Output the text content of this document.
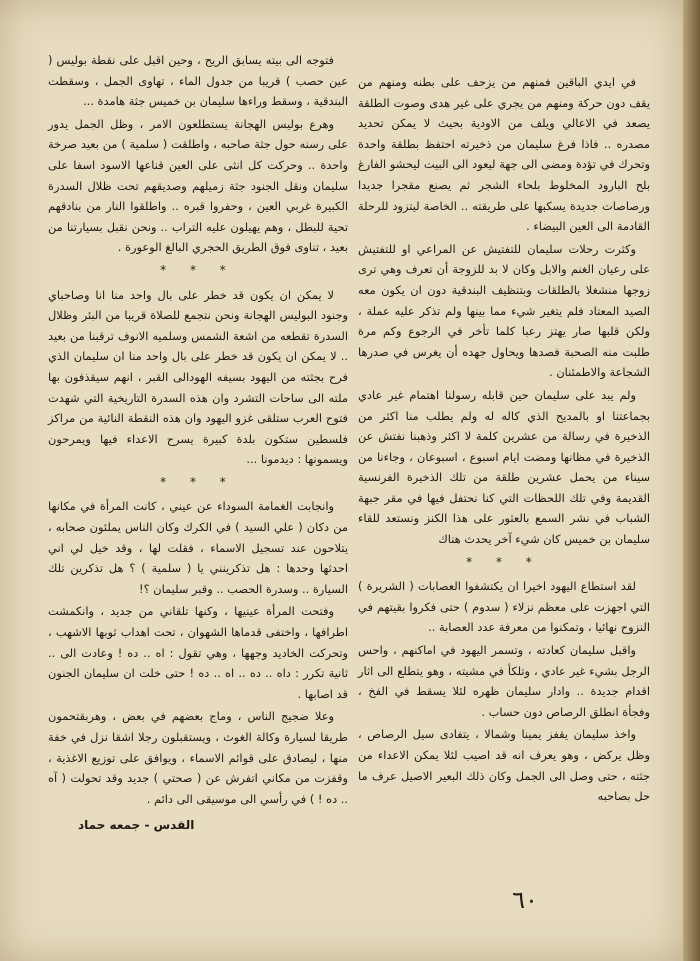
في ايدي الباقين فمنهم من يزحف على بطنه ومنهم من يقف دون حركة ومنهم من يجري على غير هدى وصوت الطلقة يصعد في الاعالي ويلف من الاودية بحيث لا يمكن تحديد مصدره .. فاذا فرغ سليمان من ذخيرته احتفظ بطلقة واحدة وتحرك في تؤدة ومضى الى جهة ليعود الى البيت ليحشو الفارغ بلح البارود المخلوط بلحاء الشجر ثم يصنع مقجرا جديدا ورصاصات جديدة يسكبها على طريقته .. الخاصة ليتزود للرحلة القادمة الى العين البيضاء .

وكثرت رحلات سليمان للتفتيش عن المراعي او للتفتيش على رعيان الغنم والابل وكان لا بد للزوجة أن تعرف وهي ترى زوجها منشغلا بالطلقات وبتنظيف البندقية دون ان يكون معه الصيد المعتاد فلم يتغير شيء مما بينها ولم تذكر عليه عملة ، ولكن قلبها صار يهتز رعبا كلما تأخر في الرجوع وكم مرة طلبت منه الصحبة فصدها ويحاول جهده أن يغرس في صدرها الشجاعة والاطمئنان .

ولم يبد على سليمان حين قابله رسولنا اهتمام غير عادي بجماعتنا او بالمديح الذي كاله له ولم يطلب منا اكثر من الذخيرة في رسالة من عشرين كلمة لا اكثر وذهبنا نفتش عن الذخيرة في مظانها ومضت ايام اسبوع ، اسبوعان ، وجاءنا من سيناء من يحمل عشرين طلقة من تلك الذخيرة الفرنسية القديمة وفي تلك اللحظات التي كنا نحتفل فيها في مقر جبهة الشباب في نشر السمع بالعثور على هذا الكنز ونستعد للقاء سليمان بن خميس كان شيء آخر يحدث هناك

* * *

لقد استطاع اليهود اخيرا ان يكتشفوا العصابات ( الشريرة ) التي اجهزت على معظم نزلاء ( سدوم ) حتى فكروا بقيتهم في النزوح نهائيا ، وتمكنوا من معرفة عدد العصابة ..

واقبل سليمان كعادته ، وتسمر اليهود في اماكنهم ، واحس الرجل بشيء غير عادي ، وتلكأ في مشيته ، وهو يتطلع الى اثار اقدام جديدة .. وادار سليمان ظهره لئلا يسقط في الفخ ، وفجأة انطلق الرصاص دون حساب .

واخذ سليمان يقفز يمينا وشمالا ، يتفادى سيل الرصاص ، وظل يركض ، وهو يعرف انه قد اصيب لئلا يمكن الاعداء من جثته ، حتى وصل الى الجمل وكان ذلك البعير الاصيل عرف ما حل بصاحبه

فتوجه الى بيته يسابق الريح ، وحين اقبل على نقطة بوليس ( عين حصب ) قريبا من جدول الماء ، تهاوى الجمل ، وسقطت البندقية ، وسقط وراءها سليمان بن خميس جثة هامدة ...

وهرع بوليس الهجانة يستطلعون الامر ، وظل الجمل يدور على رسنه حول جثة صاحبه ، واطلقت ( سلمية ) من بعيد صرخة واحدة .. وحركت كل انثى على العين قناعها الاسود اسفا على سليمان ونقل الجنود جثة زميلهم وصديقهم تحت ظلال السدرة الكبيرة غربي العين ، وحفروا قبره .. واطلقوا النار من بنادقهم تحية للبطل ، وهم يهيلون عليه التراب .. ونحن نقبل بسيارتنا من بعيد ، تناوى فوق الطريق الحجري البالغ الوعورة .

* * *

لا يمكن ان يكون قد خطر على بال واحد منا انا وصاحباي وجنود البوليس الهجانة ونحن نتجمع للصلاة قريبا من البئر وظلال السدرة تقطعه من اشعة الشمس وسلميه الانوف ترقبنا من بعيد .. لا يمكن ان يكون قد خطر على بال واحد منا ان سليمان الذي فرح بجثته من اليهود بسيفه الهودالى القبر ، انهم سيقذفون بها ملته الى ساحات التشرد وان هذه السدرة التاريخية التي شهدت فتوح العرب ستلقى غزو اليهود وان هذه النقطة النائية من مراكز فلسطين ستكون بلدة كبيرة يسرح الاعداء فيها ويمرحون ويسمونها : ديدمونا ...

* * *

وانجابت الغمامة السوداء عن عيني ، كانت المرأة في مكانها من دكان ( علي السيد ) في الكرك وكان الناس يملئون صحابه ، يتلاحون عند تسجيل الاسماء ، فقلت لها ، وقد خيل لي اني احدثها وحدها : هل تذكرينني يا ( سلمية ) ؟ هل تذكرين تلك السيارة .. وسدرة الحصب .. وقبر سليمان ؟!

وفتحت المرأة عينيها ، وكنها تلقاني من جديد ، وانكمشت اطرافها ، واختفى قدماها الشهوان ، تحت اهداب ثوبها الاشهب ، وتحركت الخاديد وجهها ، وهي تقول : اه .. ده ! وعادت الى .. ثانية تكرر : داه .. ده .. اه .. ده ! حتى خلت ان سليمان الجنون قد اصابها .

وعلا ضجيج الناس ، وماج بعضهم في بعض ، وهربقتحمون طريقا لسيارة وكالة الغوث ، ويستقبلون رجلا اشقا نزل في خفة منها ، ليصادق على قوائم الاسماء ، ويوافق على توزيع الاغذية ، وقفزت من مكاني اتفرش عن ( صحتي ) جديد وقد تحولت ( آه .. ده ! ) في رأسي الى موسيقى الى دائم .

القدس - جمعه حماد
٦٠
